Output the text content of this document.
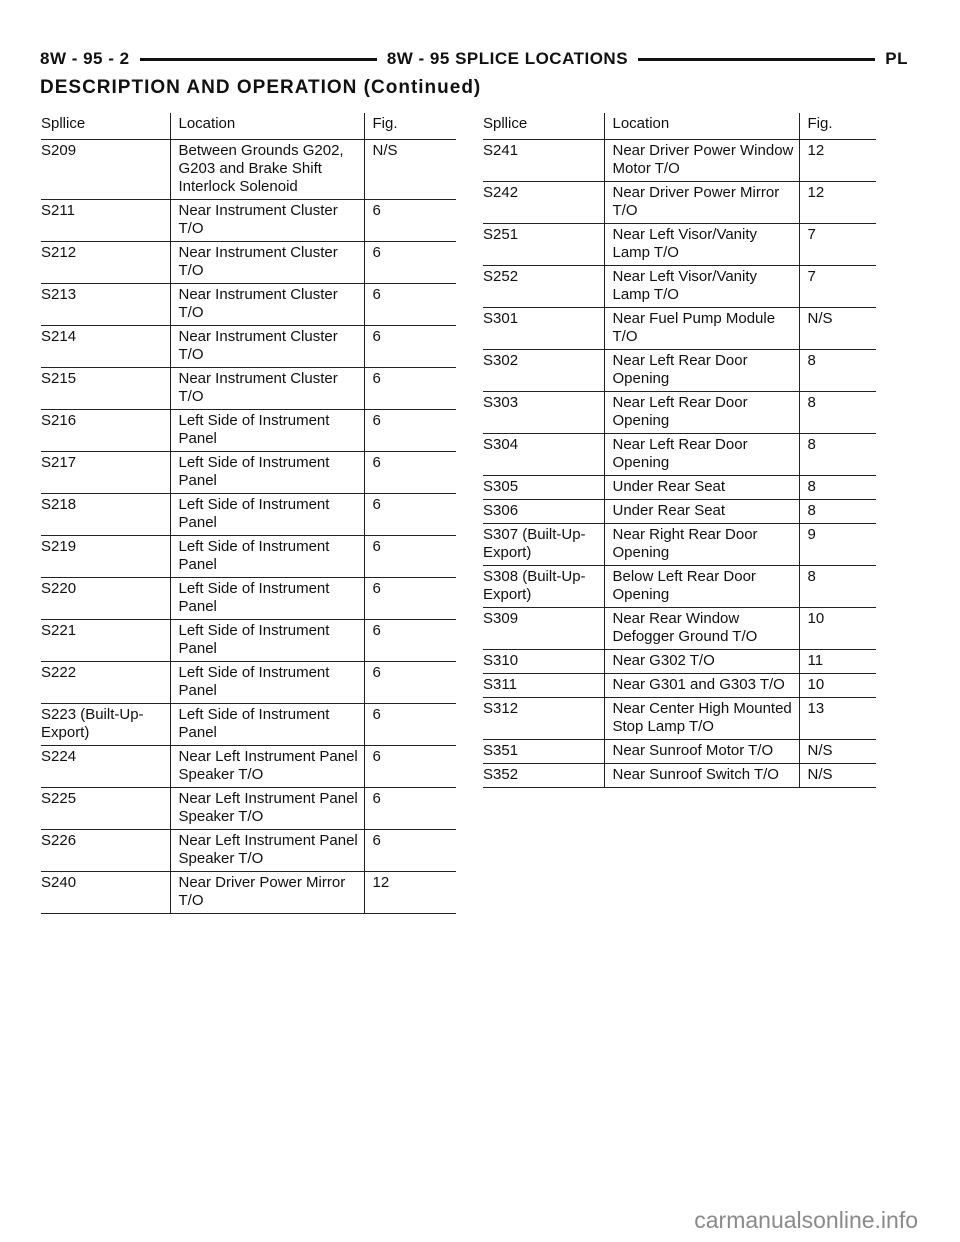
8W - 95 - 2	8W - 95 SPLICE LOCATIONS	PL
DESCRIPTION AND OPERATION (Continued)
Spllice	Location	Fig.
S209	Between Grounds G202, G203 and Brake Shift Interlock Solenoid	N/S
S211	Near Instrument Cluster T/O	6
S212	Near Instrument Cluster T/O	6
S213	Near Instrument Cluster T/O	6
S214	Near Instrument Cluster T/O	6
S215	Near Instrument Cluster T/O	6
S216	Left Side of Instrument Panel	6
S217	Left Side of Instrument Panel	6
S218	Left Side of Instrument Panel	6
S219	Left Side of Instrument Panel	6
S220	Left Side of Instrument Panel	6
S221	Left Side of Instrument Panel	6
S222	Left Side of Instrument Panel	6
S223 (Built-Up- Export)	Left Side of Instrument Panel	6
S224	Near Left Instrument Panel Speaker T/O	6
S225	Near Left Instrument Panel Speaker T/O	6
S226	Near Left Instrument Panel Speaker T/O	6
S240	Near Driver Power Mirror T/O	12
Spllice	Location	Fig.
S241	Near Driver Power Window Motor T/O	12
S242	Near Driver Power Mirror T/O	12
S251	Near Left Visor/Vanity Lamp T/O	7
S252	Near Left Visor/Vanity Lamp T/O	7
S301	Near Fuel Pump Module T/O	N/S
S302	Near Left Rear Door Opening	8
S303	Near Left Rear Door Opening	8
S304	Near Left Rear Door Opening	8
S305	Under Rear Seat	8
S306	Under Rear Seat	8
S307 (Built-Up- Export)	Near Right Rear Door Opening	9
S308 (Built-Up- Export)	Below Left Rear Door Opening	8
S309	Near Rear Window Defogger Ground T/O	10
S310	Near G302 T/O	11
S311	Near G301 and G303 T/O	10
S312	Near Center High Mounted Stop Lamp T/O	13
S351	Near Sunroof Motor T/O	N/S
S352	Near Sunroof Switch T/O	N/S
carmanualsonline.info
